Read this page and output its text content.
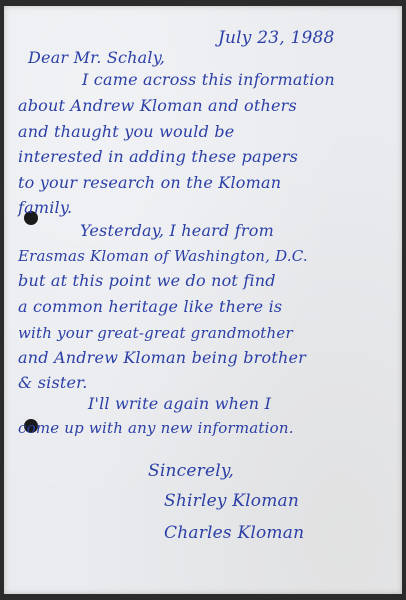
July 23, 1988
Dear Mr. Schaly,
I came across this information
about Andrew Kloman and others
and thaught you would be
interested in adding these papers
to your research on the Kloman
family.
Yesterday, I heard from
Erasmas Kloman of Washington, D.C.
but at this point we do not find
a common heritage like there is
with your great-great grandmother
and Andrew Kloman being brother
& sister.
I'll write again when I
come up with any new information.
Sincerely,
Shirley Kloman
Charles Kloman
